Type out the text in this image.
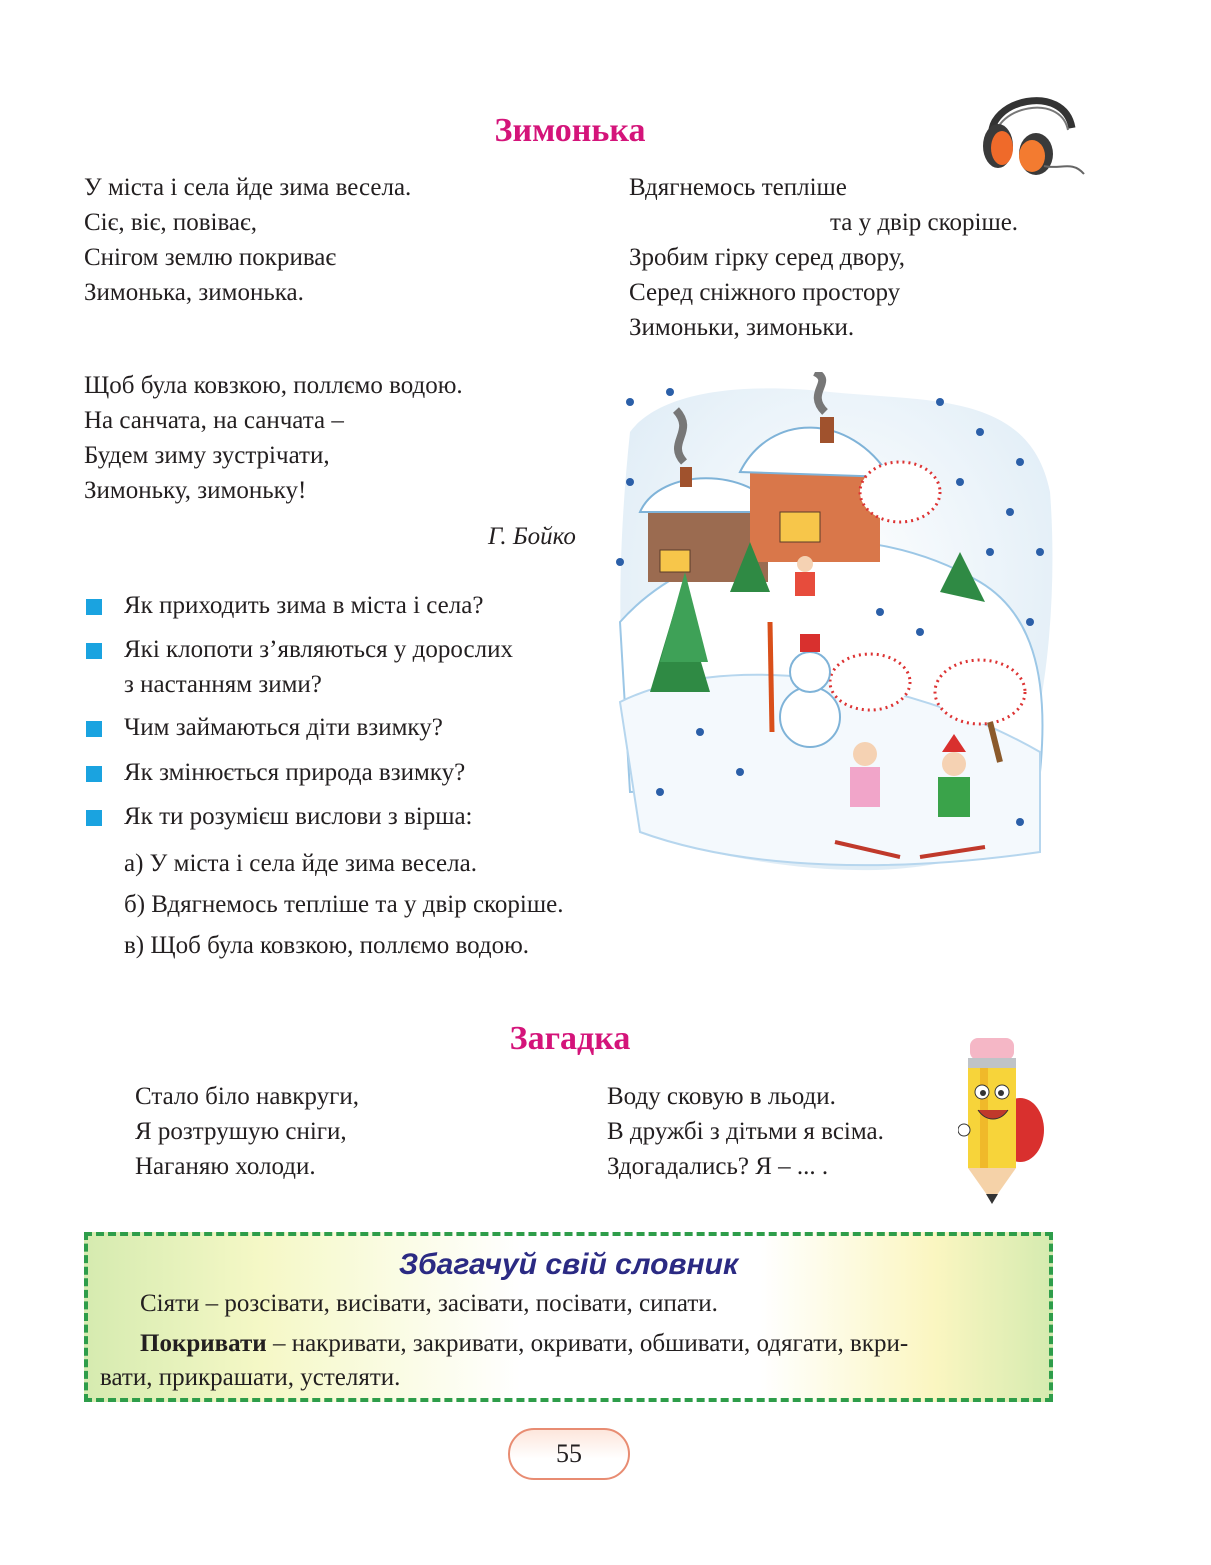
Зимонька
У міста і села йде зима весела.
Сіє, віє, повіває,
Снігом землю покриває
Зимонька, зимонька.
Вдягнемось тепліше
та у двір скоріше.
Зробим гірку серед двору,
Серед сніжного простору
Зимоньки, зимоньки.
Щоб була ковзкою, поллємо водою.
На санчата, на санчата –
Будем зиму зустрічати,
Зимоньку, зимоньку!
Г. Бойко
Як приходить зима в міста і села?
Які клопоти з’являються у дорослих
з настанням зими?
Чим займаються діти взимку?
Як змінюється природа взимку?
Як ти розумієш вислови з вірша:
а) У міста і села йде зима весела.
б) Вдягнемось тепліше та у двір скоріше.
в) Щоб була ковзкою, поллємо водою.
Загадка
Стало біло навкруги,
Я розтрушую сніги,
Наганяю холоди.
Воду сковую в льоди.
В дружбі з дітьми я всіма.
Здогадались? Я – ... .
Збагачуй свій словник
Сіяти – розсівати, висівати, засівати, посівати, сипати.
Покривати – накривати, закривати, окривати, обшивати, одягати, вкри-
вати, прикрашати, устеляти.
55
